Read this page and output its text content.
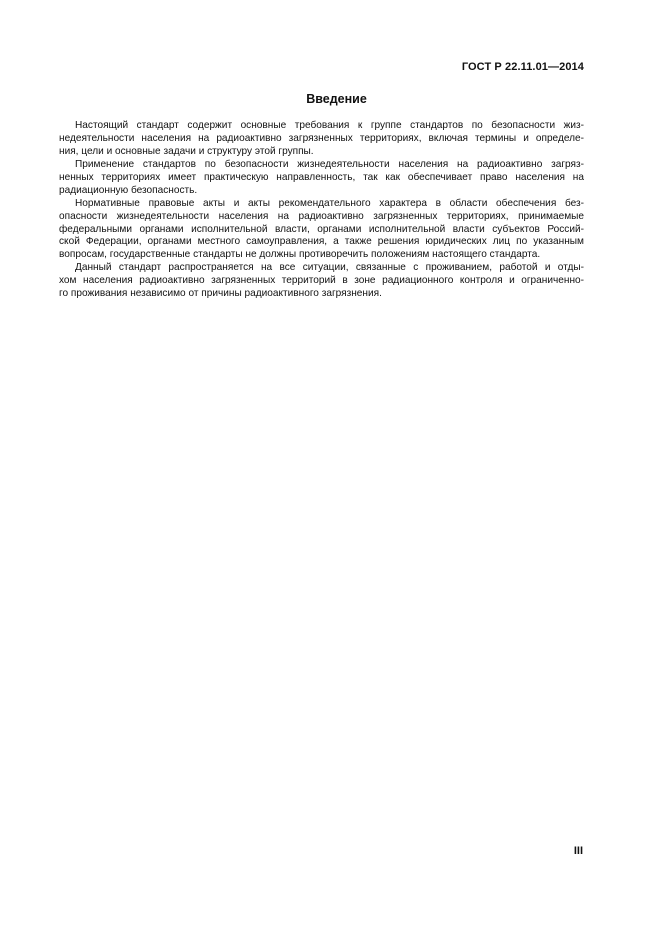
ГОСТ Р 22.11.01—2014
Введение
Настоящий стандарт содержит основные требования к группе стандартов по безопасности жиз-
недеятельности населения на радиоактивно загрязненных территориях, включая термины и определе-
ния, цели и основные задачи и структуру этой группы.
Применение стандартов по безопасности жизнедеятельности населения на радиоактивно загряз-
ненных территориях имеет практическую направленность, так как обеспечивает право населения на
радиационную безопасность.
Нормативные правовые акты и акты рекомендательного характера в области обеспечения без-
опасности жизнедеятельности населения на радиоактивно загрязненных территориях, принимаемые
федеральными органами исполнительной власти, органами исполнительной власти субъектов Россий-
ской Федерации, органами местного самоуправления, а также решения юридических лиц по указанным
вопросам, государственные стандарты не должны противоречить положениям настоящего стандарта.
Данный стандарт распространяется на все ситуации, связанные с проживанием, работой и отды-
хом населения радиоактивно загрязненных территорий в зоне радиационного контроля и ограниченно-
го проживания независимо от причины радиоактивного загрязнения.
III
